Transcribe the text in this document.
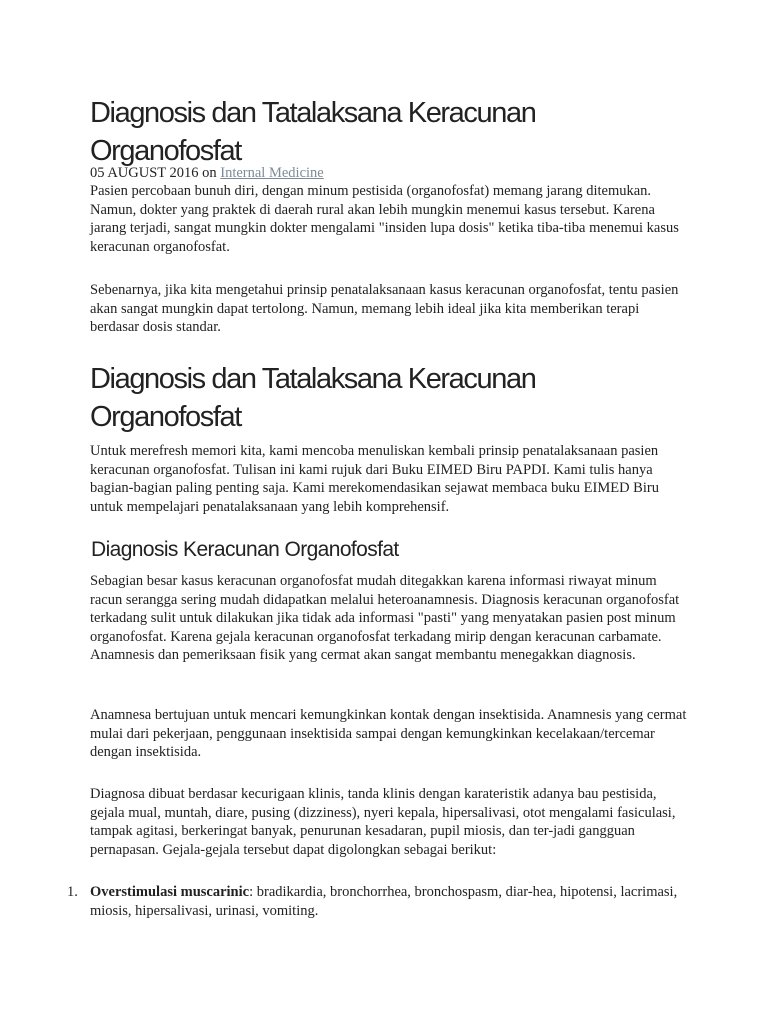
Diagnosis dan Tatalaksana Keracunan Organofosfat
05 AUGUST 2016 on Internal Medicine

Pasien percobaan bunuh diri, dengan minum pestisida (organofosfat) memang jarang ditemukan. Namun, dokter yang praktek di daerah rural akan lebih mungkin menemui kasus tersebut. Karena jarang terjadi, sangat mungkin dokter mengalami "insiden lupa dosis" ketika tiba-tiba menemui kasus keracunan organofosfat.

Sebenarnya, jika kita mengetahui prinsip penatalaksanaan kasus keracunan organofosfat, tentu pasien akan sangat mungkin dapat tertolong. Namun, memang lebih ideal jika kita memberikan terapi berdasar dosis standar.

Diagnosis dan Tatalaksana Keracunan Organofosfat

Untuk merefresh memori kita, kami mencoba menuliskan kembali prinsip penatalaksanaan pasien keracunan organofosfat. Tulisan ini kami rujuk dari Buku EIMED Biru PAPDI. Kami tulis hanya bagian-bagian paling penting saja. Kami merekomendasikan sejawat membaca buku EIMED Biru untuk mempelajari penatalaksanaan yang lebih komprehensif.

Diagnosis Keracunan Organofosfat

Sebagian besar kasus keracunan organofosfat mudah ditegakkan karena informasi riwayat minum racun serangga sering mudah didapatkan melalui heteroanamnesis. Diagnosis keracunan organofosfat terkadang sulit untuk dilakukan jika tidak ada informasi "pasti" yang menyatakan pasien post minum organofosfat. Karena gejala keracunan organofosfat terkadang mirip dengan keracunan carbamate. Anamnesis dan pemeriksaan fisik yang cermat akan sangat membantu menegakkan diagnosis.

Anamnesa bertujuan untuk mencari kemungkinkan kontak dengan insektisida. Anamnesis yang cermat mulai dari pekerjaan, penggunaan insektisida sampai dengan kemungkinkan kecelakaan/tercemar dengan insektisida.

Diagnosa dibuat berdasar kecurigaan klinis, tanda klinis dengan karateristik adanya bau pestisida, gejala mual, muntah, diare, pusing (dizziness), nyeri kepala, hipersalivasi, otot mengalami fasiculasi, tampak agitasi, berkeringat banyak, penurunan kesadaran, pupil miosis, dan ter-jadi gangguan pernapasan. Gejala-gejala tersebut dapat digolongkan sebagai berikut:

1. Overstimulasi muscarinic: bradikardia, bronchorrhea, bronchospasm, diar-hea, hipotensi, lacrimasi, miosis, hipersalivasi, urinasi, vomiting.
